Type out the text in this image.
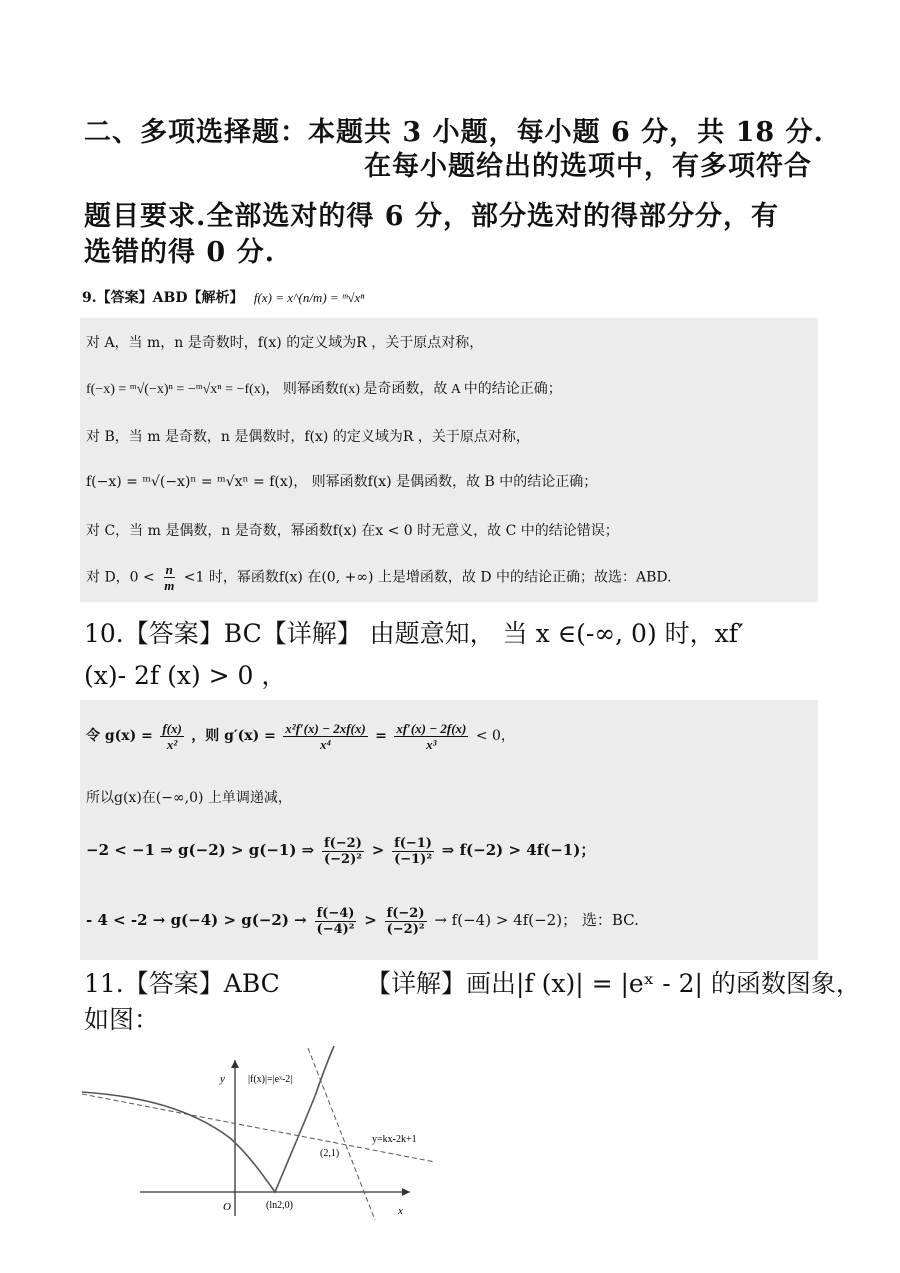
二、多项选择题：本题共 3 小题，每小题 6 分，共 18 分.
在每小题给出的选项中，有多项符合
题目要求.全部选对的得 6 分，部分选对的得部分分，有
选错的得 0 分.
9.【答案】ABD【解析】 f(x) = x^(n/m) = ᵐ√xⁿ
对 A，当 m，n 是奇数时，f(x) 的定义域为R ，关于原点对称，
f(−x) = ᵐ√(−x)ⁿ = −ᵐ√xⁿ = −f(x)， 则幂函数f(x) 是奇函数，故 A 中的结论正确；
对 B，当 m 是奇数，n 是偶数时，f(x) 的定义域为R ，关于原点对称，
f(−x) = ᵐ√(−x)ⁿ = ᵐ√xⁿ = f(x)， 则幂函数f(x) 是偶函数，故 B 中的结论正确；
对 C，当 m 是偶数，n 是奇数，幂函数f(x) 在x < 0 时无意义，故 C 中的结论错误；
对 D，$0 < \frac{n}{m} <1$ 时，幂函数f(x) 在(0, +∞) 上是增函数，故 D 中的结论正确；故选：ABD.
10.【答案】BC【详解】 由题意知， 当 x ∈(-∞, 0) 时，xf′
(x)- 2f (x) > 0 ，
令 $g(x) = \frac{f(x)}{\text{x²}}$ ，则 $g'(x) = \frac{\text{x²f′(x) − 2xf(x)}}{\text{x⁴}} = \frac{xf'(x) - 2f(x)}{\text{x³}} < 0$，
所以g(x)在(−∞,0) 上单调递减，
−2 < −1 ⇒ g(−2) > g(−1) ⇒ $\frac{f(-2)}{\text{(−2)²}} > \frac{f(-1)}{\text{(−1)²}}$ ⇒ f(−2) > 4f(−1)；
- $4 < -2 \to g(-4) > g(-2) \to \frac{f(-4)}{\text{(−4)²}} > \frac{f(-2)}{\text{(−2)²}} \to f(-4) > 4f(-2)$； 选：BC.
11.【答案】ABC	【详解】画出|f (x)| = |eˣ - 2| 的函数图象，
如图：
y
x
O
|f(x)|=|eˣ-2|
y=kx-2k+1
(2,1)
(ln2,0)
